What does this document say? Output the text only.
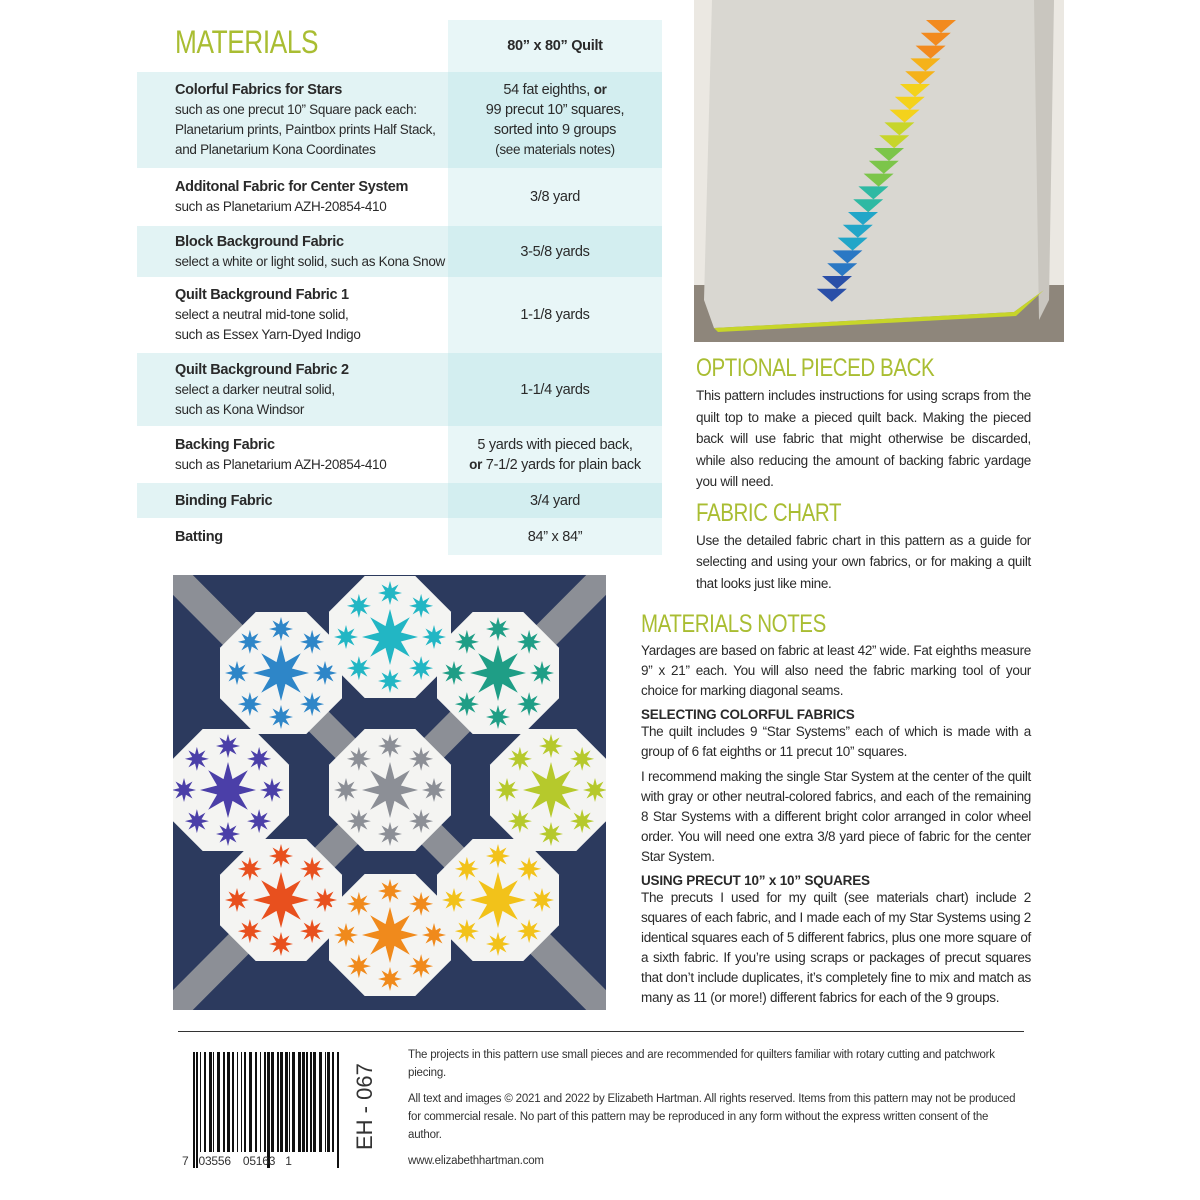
	80” x 80” Quilt

Colorful Fabrics for Stars
such as one precut 10” Square pack each:
Planetarium prints, Paintbox prints Half Stack,
and Planetarium Kona Coordinates	54 fat eighths, or
99 precut 10” squares,
sorted into 9 groups
(see materials notes)

Additonal Fabric for Center System
such as Planetarium AZH-20854-410	3/8 yard

Block Background Fabric
select a white or light solid, such as Kona Snow	3-5/8 yards

Quilt Background Fabric 1
select a neutral mid-tone solid,
such as Essex Yarn-Dyed Indigo	1-1/8 yards

Quilt Background Fabric 2
select a darker neutral solid,
such as Kona Windsor	1-1/4 yards

Backing Fabric
such as Planetarium AZH-20854-410	5 yards with pieced back,
or 7-1/2 yards for plain back

Binding Fabric	3/4 yard

Batting	84” x 84”
MATERIALS
OPTIONAL PIECED BACK

This pattern includes instructions for using scraps from the quilt top to make a pieced quilt back. Making the pieced back will use fabric that might otherwise be discarded, while also reducing the amount of backing fabric yardage you will need.

FABRIC CHART

Use the detailed fabric chart in this pattern as a guide for selecting and using your own fabrics, or for making a quilt that looks just like mine.

MATERIALS NOTES

Yardages are based on fabric at least 42” wide. Fat eighths measure 9” x 21” each. You will also need the fabric marking tool of your choice for marking diagonal seams.

SELECTING COLORFUL FABRICS

The quilt includes 9 “Star Systems” each of which is made with a group of 6 fat eighths or 11 precut 10” squares.

I recommend making the single Star System at the center of the quilt with gray or other neutral-colored fabrics, and each of the remaining 8 Star Systems with a different bright color arranged in color wheel order. You will need one extra 3/8 yard piece of fabric for the center Star System.

USING PRECUT 10” x 10” SQUARES

The precuts I used for my quilt (see materials chart) include 2 squares of each fabric, and I made each of my Star Systems using 2 identical squares each of 5 different fabrics, plus one more square of a sixth fabric. If you’re using scraps or packages of precut squares that don’t include duplicates, it’s completely fine to mix and match as many as 11 (or more!) different fabrics for each of the 9 groups.

7 03556 05163 1
EH - 067

The projects in this pattern use small pieces and are recommended for quilters familiar with rotary cutting and patchwork piecing.

All text and images © 2021 and 2022 by Elizabeth Hartman. All rights reserved. Items from this pattern may not be produced for commercial resale. No part of this pattern may be reproduced in any form without the express written consent of the author.

www.elizabethhartman.com
